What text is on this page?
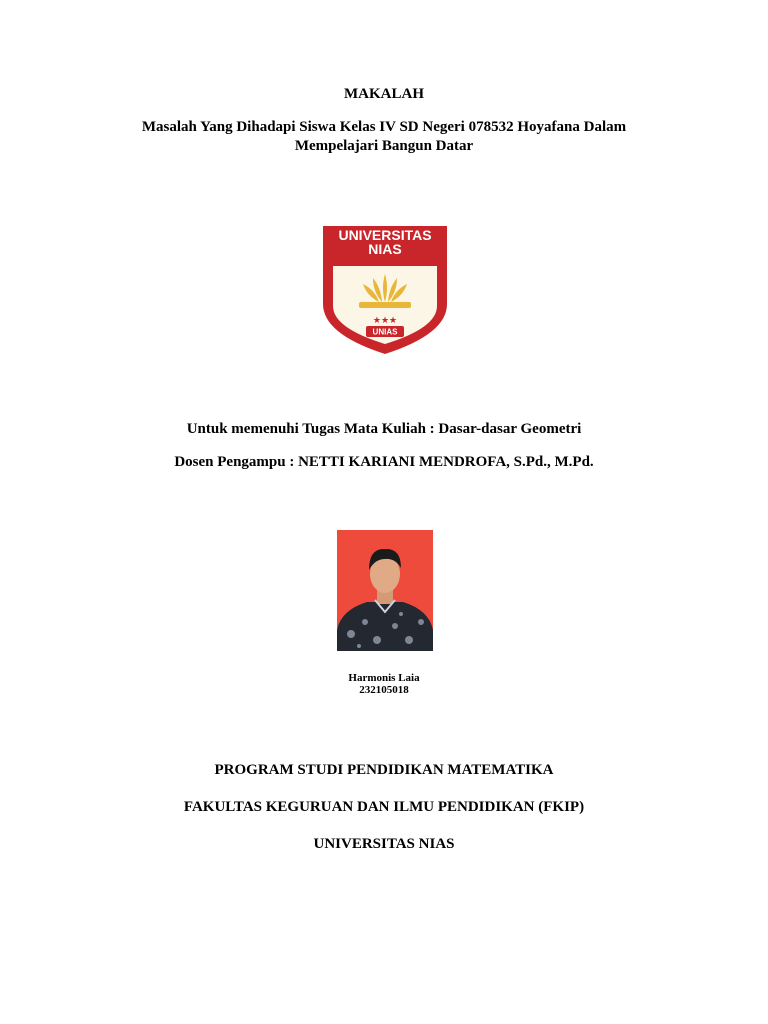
MAKALAH
Masalah Yang Dihadapi Siswa Kelas IV SD Negeri 078532 Hoyafana Dalam
Mempelajari Bangun Datar
UNIVERSITAS
NIAS
★★★
UNIAS
Untuk memenuhi Tugas Mata Kuliah : Dasar-dasar Geometri
Dosen Pengampu : NETTI KARIANI MENDROFA, S.Pd., M.Pd.
Harmonis Laia
232105018
PROGRAM STUDI PENDIDIKAN MATEMATIKA
FAKULTAS KEGURUAN DAN ILMU PENDIDIKAN (FKIP)
UNIVERSITAS NIAS
